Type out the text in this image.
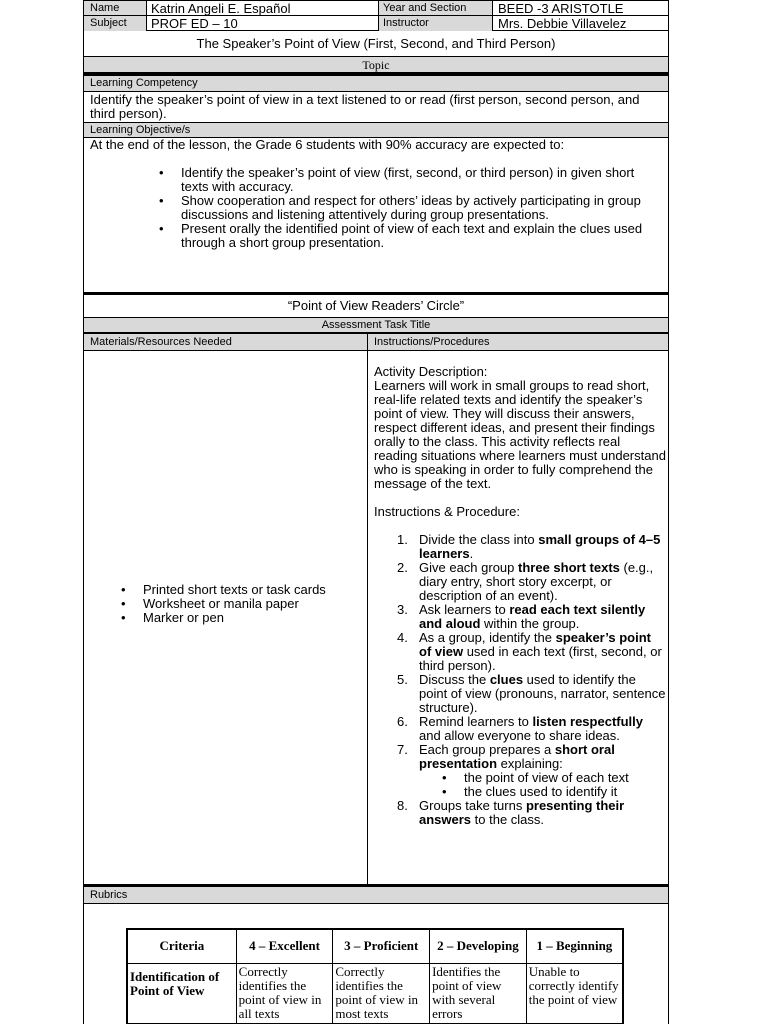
Name Katrin Angeli E. Español	Year and Section BEED -3 ARISTOTLE
Subject PROF ED – 10	Instructor	Mrs. Debbie Villavelez
The Speaker’s Point of View (First, Second, and Third Person)
Topic
Learning Competency
Identify the speaker’s point of view in a text listened to or read (first person, second person, and third person).
Learning Objective/s
At the end of the lesson, the Grade 6 students with 90% accuracy are expected to:
• Identify the speaker’s point of view (first, second, or third person) in given short texts with accuracy.
• Show cooperation and respect for others’ ideas by actively participating in group discussions and listening attentively during group presentations.
• Present orally the identified point of view of each text and explain the clues used through a short group presentation.
“Point of View Readers’ Circle”
Assessment Task Title
Materials/Resources Needed	Instructions/Procedures
• Printed short texts or task cards
• Worksheet or manila paper
• Marker or pen
Activity Description:
Learners will work in small groups to read short, real-life related texts and identify the speaker’s point of view. They will discuss their answers, respect different ideas, and present their findings orally to the class. This activity reflects real reading situations where learners must understand who is speaking in order to fully comprehend the message of the text.
Instructions & Procedure:
1. Divide the class into small groups of 4–5 learners.
2. Give each group three short texts (e.g., diary entry, short story excerpt, or description of an event).
3. Ask learners to read each text silently and aloud within the group.
4. As a group, identify the speaker’s point of view used in each text (first, second, or third person).
5. Discuss the clues used to identify the point of view (pronouns, narrator, sentence structure).
6. Remind learners to listen respectfully and allow everyone to share ideas.
7. Each group prepares a short oral presentation explaining:
• the point of view of each text
• the clues used to identify it
8. Groups take turns presenting their answers to the class.
Rubrics
Criteria	4 – Excellent	3 – Proficient	2 – Developing	1 – Beginning
Identification of Point of View	Correctly identifies the point of view in all texts	Correctly identifies the point of view in most texts	Identifies the point of view with several errors	Unable to correctly identify the point of view
